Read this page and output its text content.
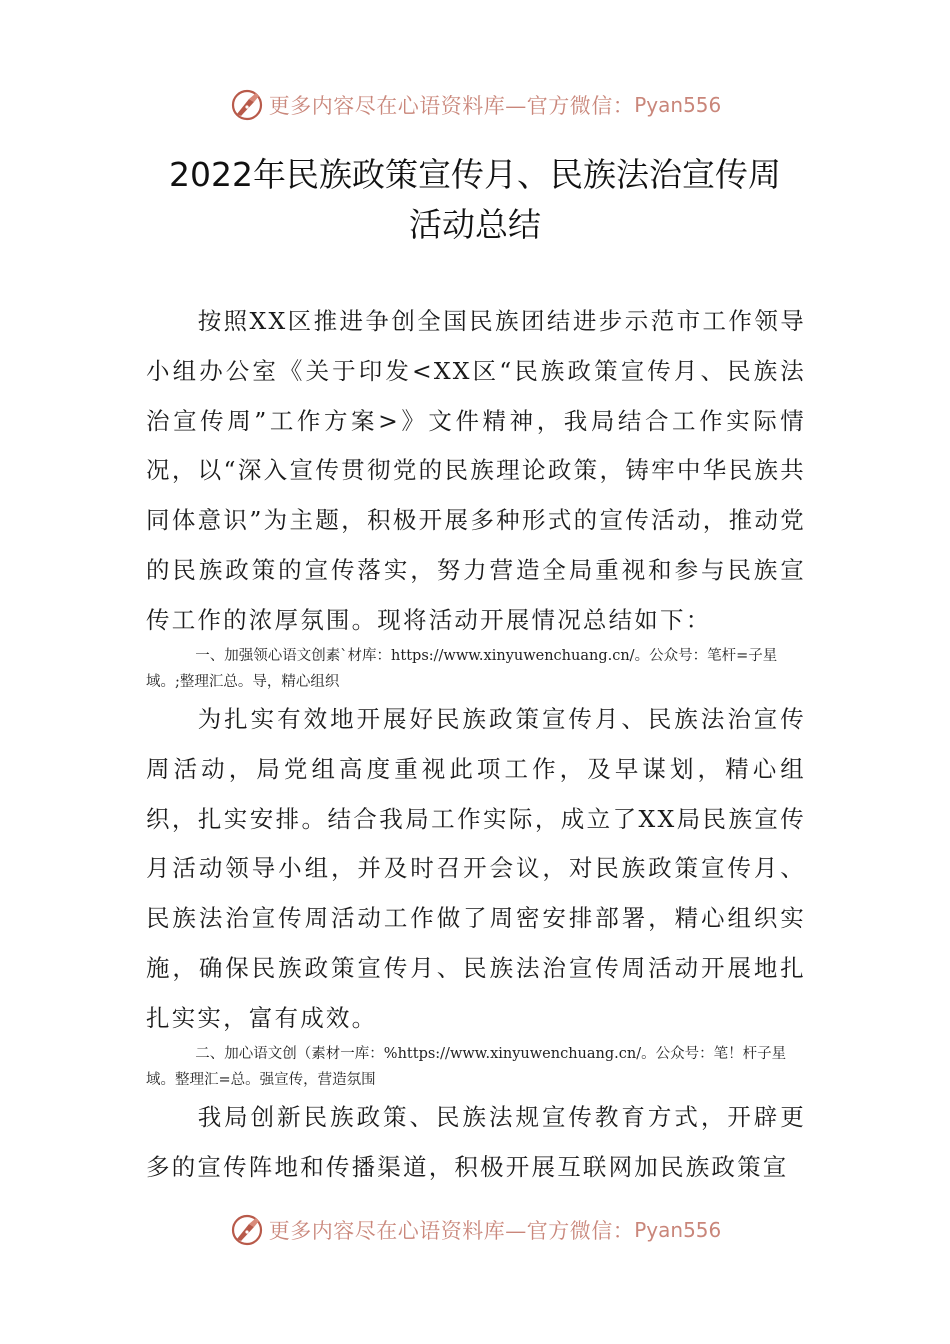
更多内容尽在心语资料库—官方微信： Pyan556
2022年民族政策宣传月、民族法治宣传周
活动总结
按照XX区推进争创全国民族团结进步示范市工作领导小组办公室《关于印发<XX区“民族政策宣传月、民族法治宣传周”工作方案>》文件精神，我局结合工作实际情况，以“深入宣传贯彻党的民族理论政策，铸牢中华民族共同体意识”为主题，积极开展多种形式的宣传活动，推动党的民族政策的宣传落实，努力营造全局重视和参与民族宣传工作的浓厚氛围。现将活动开展情况总结如下：
一、加强领心语文创素`材库：https://www.xinyuwenchuang.cn/。公众号：笔杆=子星域。;整理汇总。导，精心组织
为扎实有效地开展好民族政策宣传月、民族法治宣传周活动，局党组高度重视此项工作，及早谋划，精心组织，扎实安排。结合我局工作实际，成立了XX局民族宣传月活动领导小组，并及时召开会议，对民族政策宣传月、民族法治宣传周活动工作做了周密安排部署，精心组织实施，确保民族政策宣传月、民族法治宣传周活动开展地扎扎实实，富有成效。
二、加心语文创（素材一库：%https://www.xinyuwenchuang.cn/。公众号：笔！杆子星域。整理汇=总。强宣传，营造氛围
我局创新民族政策、民族法规宣传教育方式，开辟更多的宣传阵地和传播渠道，积极开展互联网加民族政策宣
更多内容尽在心语资料库—官方微信： Pyan556
